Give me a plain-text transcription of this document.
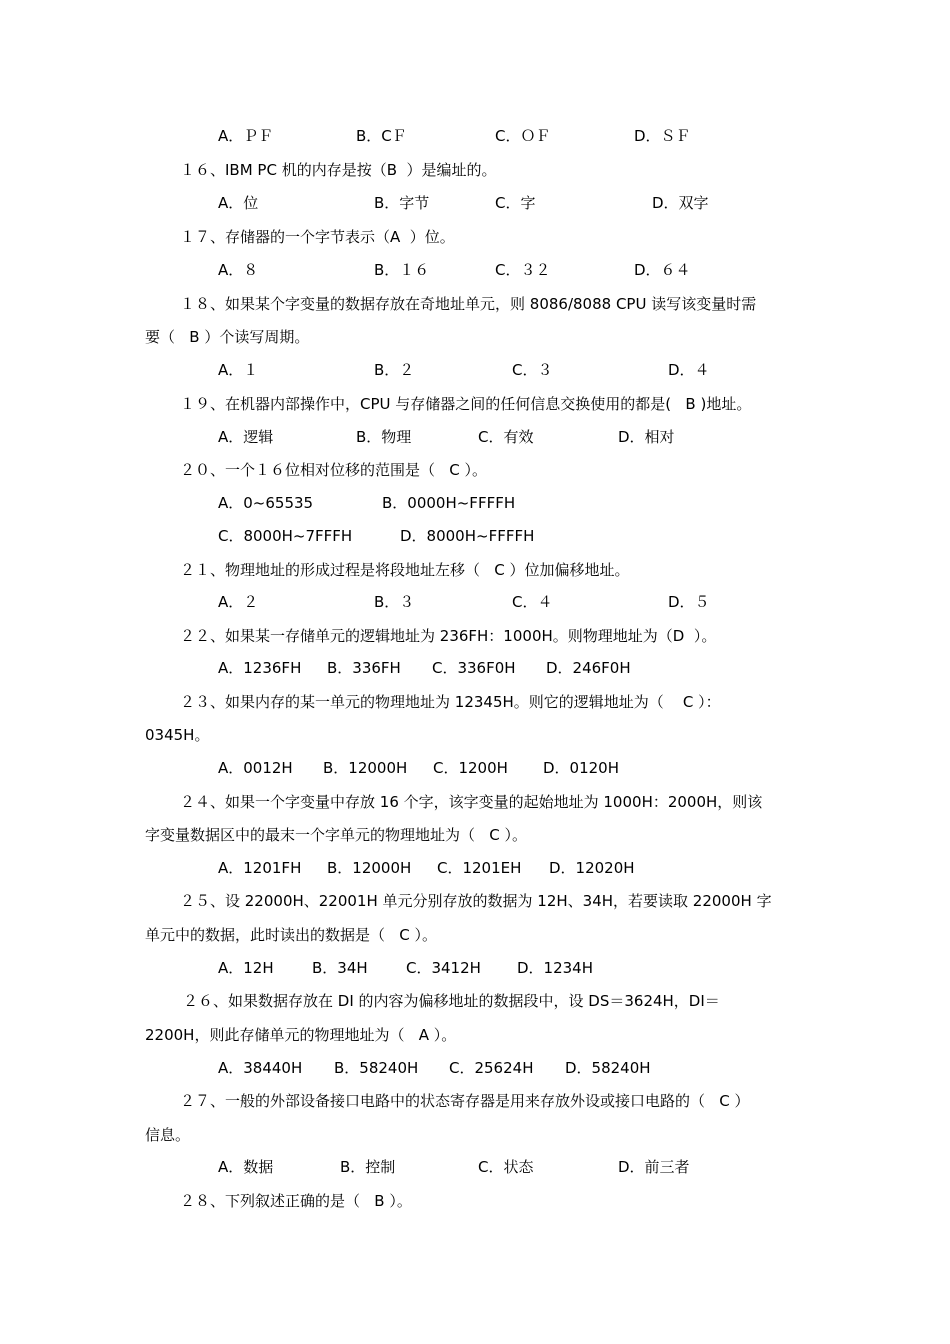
A．ＰＦ

	B．CＦ

	C．ＯＦ

	D．ＳＦ

１６、IBM PC 机的内存是按（B  ）是编址的。

A．位

	B．字节

	C．字

	D．双字

１７、存储器的一个字节表示（A  ）位。

A．８

	B．１６

	C．３２

	D．６４

１８、如果某个字变量的数据存放在奇地址单元，则 8086/8088 CPU 读写该变量时需
要（   B ）个读写周期。

A．１

	B．２

	C．３

	D．４

１９、在机器内部操作中，CPU 与存储器之间的任何信息交换使用的都是(   B )地址。

A．逻辑

	B．物理

	C．有效

	D．相对

２０、一个１６位相对位移的范围是（   C ）。

A．0~65535

	B．0000H~FFFFH

C．8000H~7FFFH

	D．8000H~FFFFH

２１、物理地址的形成过程是将段地址左移（   C ）位加偏移地址。

A．２

	B．３

	C．４

	D．５

２２、如果某一存储单元的逻辑地址为 236FH：1000H。则物理地址为（D  ）。

A．1236FH

B．336FH

C．336F0H

D．246F0H

２３、如果内存的某一单元的物理地址为 12345H。则它的逻辑地址为（    C ）：
0345H。

A．0012H

B．12000H

C．1200H

D．0120H

２４、如果一个字变量中存放 16 个字，该字变量的起始地址为 1000H：2000H，则该
字变量数据区中的最末一个字单元的物理地址为（   C ）。

A．1201FH

B．12000H

C．1201EH

D．12020H

２５、设 22000H、22001H 单元分别存放的数据为 12H、34H，若要读取 22000H 字
单元中的数据，此时读出的数据是（   C ）。

A．12H

	B．34H

	C．3412H

D．1234H

２６、如果数据存放在 DI 的内容为偏移地址的数据段中，设 DS＝3624H，DI＝
2200H，则此存储单元的物理地址为（   A ）。

A．38440H

B．58240H

C．25624H

D．58240H

２７、一般的外部设备接口电路中的状态寄存器是用来存放外设或接口电路的（   C ）
信息。

A．数据

	B．控制

	C．状态

	D．前三者

２８、下列叙述正确的是（   B ）。
